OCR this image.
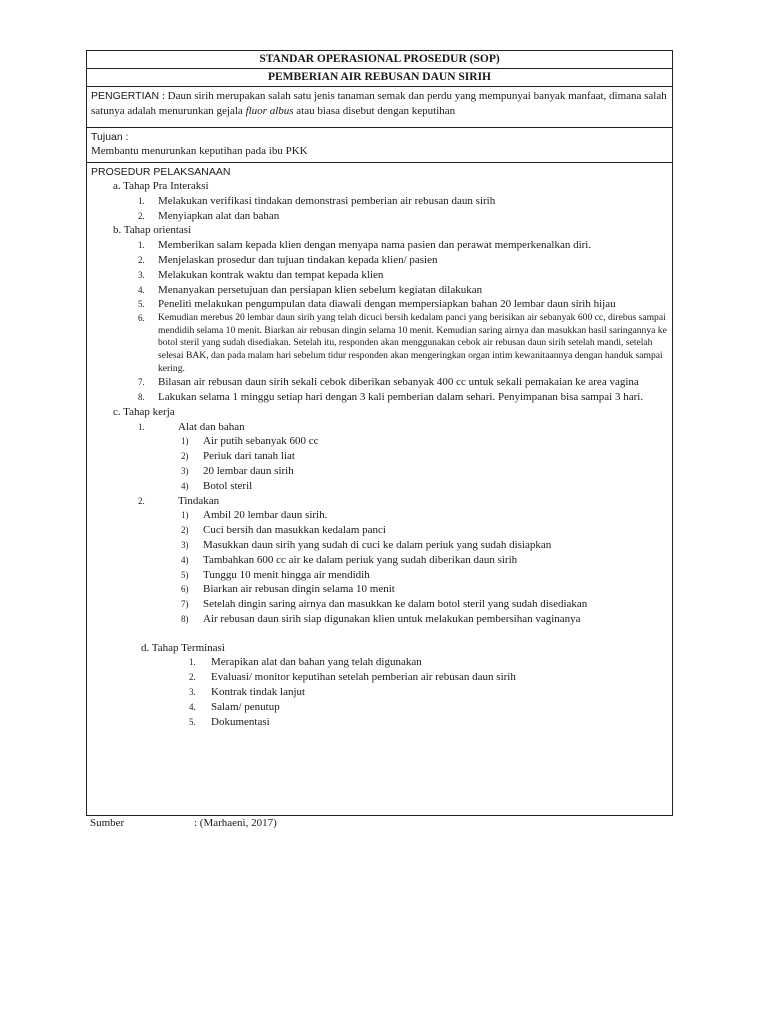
STANDAR OPERASIONAL PROSEDUR (SOP)
PEMBERIAN AIR REBUSAN DAUN SIRIH
PENGERTIAN : Daun sirih merupakan salah satu jenis tanaman semak dan perdu yang mempunyai banyak manfaat, dimana salah satunya adalah menurunkan gejala fluor albus atau biasa disebut dengan keputihan
Tujuan :
Membantu menurunkan keputihan pada ibu PKK
PROSEDUR PELAKSANAAN
a. Tahap Pra Interaksi
1. Melakukan verifikasi tindakan demonstrasi pemberian air rebusan daun sirih
2. Menyiapkan alat dan bahan
b. Tahap orientasi
1. Memberikan salam kepada klien dengan menyapa nama pasien dan perawat memperkenalkan diri.
2. Menjelaskan prosedur dan tujuan tindakan kepada klien/ pasien
3. Melakukan kontrak waktu dan tempat kepada klien
4. Menanyakan persetujuan dan persiapan klien sebelum kegiatan dilakukan
5. Peneliti melakukan pengumpulan data diawali dengan mempersiapkan bahan 20 lembar daun sirih hijau
6. Kemudian merebus 20 lembar daun sirih yang telah dicuci bersih kedalam panci yang berisikan air sebanyak 600 cc, direbus sampai mendidih selama 10 menit. Biarkan air rebusan dingin selama 10 menit. Kemudian saring airnya dan masukkan hasil saringannya ke botol steril yang sudah disediakan. Setelah itu, responden akan menggunakan cebok air rebusan daun sirih setelah mandi, setelah selesai BAK, dan pada malam hari sebelum tidur responden akan mengeringkan organ intim kewanitaannya dengan handuk sampai kering.
7. Bilasan air rebusan daun sirih sekali cebok diberikan sebanyak 400 cc untuk sekali pemakaian ke area vagina
8. Lakukan selama 1 minggu setiap hari dengan 3 kali pemberian dalam sehari. Penyimpanan bisa sampai 3 hari.
c. Tahap kerja
1.	Alat dan bahan
1) Air putih sebanyak 600 cc
2) Periuk dari tanah liat
3) 20 lembar daun sirih
4) Botol steril
2.	Tindakan
1) Ambil 20 lembar daun sirih.
2) Cuci bersih dan masukkan kedalam panci
3) Masukkan daun sirih yang sudah di cuci ke dalam periuk yang sudah disiapkan
4) Tambahkan 600 cc air ke dalam periuk yang sudah diberikan daun sirih
5) Tunggu 10 menit hingga air mendidih
6) Biarkan air rebusan dingin selama 10 menit
7) Setelah dingin saring airnya dan masukkan ke dalam botol steril yang sudah disediakan
8) Air rebusan daun sirih siap digunakan klien untuk melakukan pembersihan vaginanya
d. Tahap Terminasi
1. Merapikan alat dan bahan yang telah digunakan
2. Evaluasi/ monitor keputihan setelah pemberian air rebusan daun sirih
3. Kontrak tindak lanjut
4. Salam/ penutup
5. Dokumentasi
Sumber	: (Marhaeni, 2017)
